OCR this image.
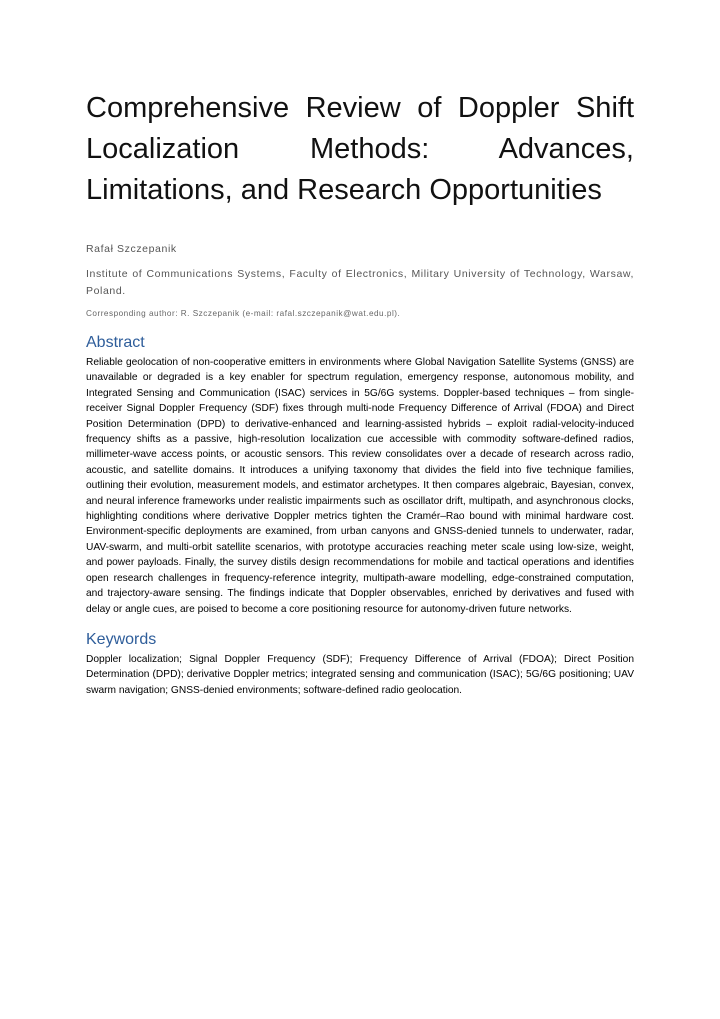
Comprehensive Review of Doppler Shift Localization Methods: Advances, Limitations, and Research Opportunities
Rafał Szczepanik
Institute of Communications Systems, Faculty of Electronics, Military University of Technology, Warsaw, Poland.
Corresponding author: R. Szczepanik (e-mail: rafal.szczepanik@wat.edu.pl).
Abstract

Reliable geolocation of non-cooperative emitters in environments where Global Navigation Satellite Systems (GNSS) are unavailable or degraded is a key enabler for spectrum regulation, emergency response, autonomous mobility, and Integrated Sensing and Communication (ISAC) services in 5G/6G systems. Doppler-based techniques – from single-receiver Signal Doppler Frequency (SDF) fixes through multi-node Frequency Difference of Arrival (FDOA) and Direct Position Determination (DPD) to derivative-enhanced and learning-assisted hybrids – exploit radial-velocity-induced frequency shifts as a passive, high-resolution localization cue accessible with commodity software-defined radios, millimeter-wave access points, or acoustic sensors. This review consolidates over a decade of research across radio, acoustic, and satellite domains. It introduces a unifying taxonomy that divides the field into five technique families, outlining their evolution, measurement models, and estimator archetypes. It then compares algebraic, Bayesian, convex, and neural inference frameworks under realistic impairments such as oscillator drift, multipath, and asynchronous clocks, highlighting conditions where derivative Doppler metrics tighten the Cramér–Rao bound with minimal hardware cost. Environment-specific deployments are examined, from urban canyons and GNSS-denied tunnels to underwater, radar, UAV-swarm, and multi-orbit satellite scenarios, with prototype accuracies reaching meter scale using low-size, weight, and power payloads. Finally, the survey distils design recommendations for mobile and tactical operations and identifies open research challenges in frequency-reference integrity, multipath-aware modelling, edge-constrained computation, and trajectory-aware sensing. The findings indicate that Doppler observables, enriched by derivatives and fused with delay or angle cues, are poised to become a core positioning resource for autonomy-driven future networks.

Keywords

Doppler localization; Signal Doppler Frequency (SDF); Frequency Difference of Arrival (FDOA); Direct Position Determination (DPD); derivative Doppler metrics; integrated sensing and communication (ISAC); 5G/6G positioning; UAV swarm navigation; GNSS-denied environments; software-defined radio geolocation.
